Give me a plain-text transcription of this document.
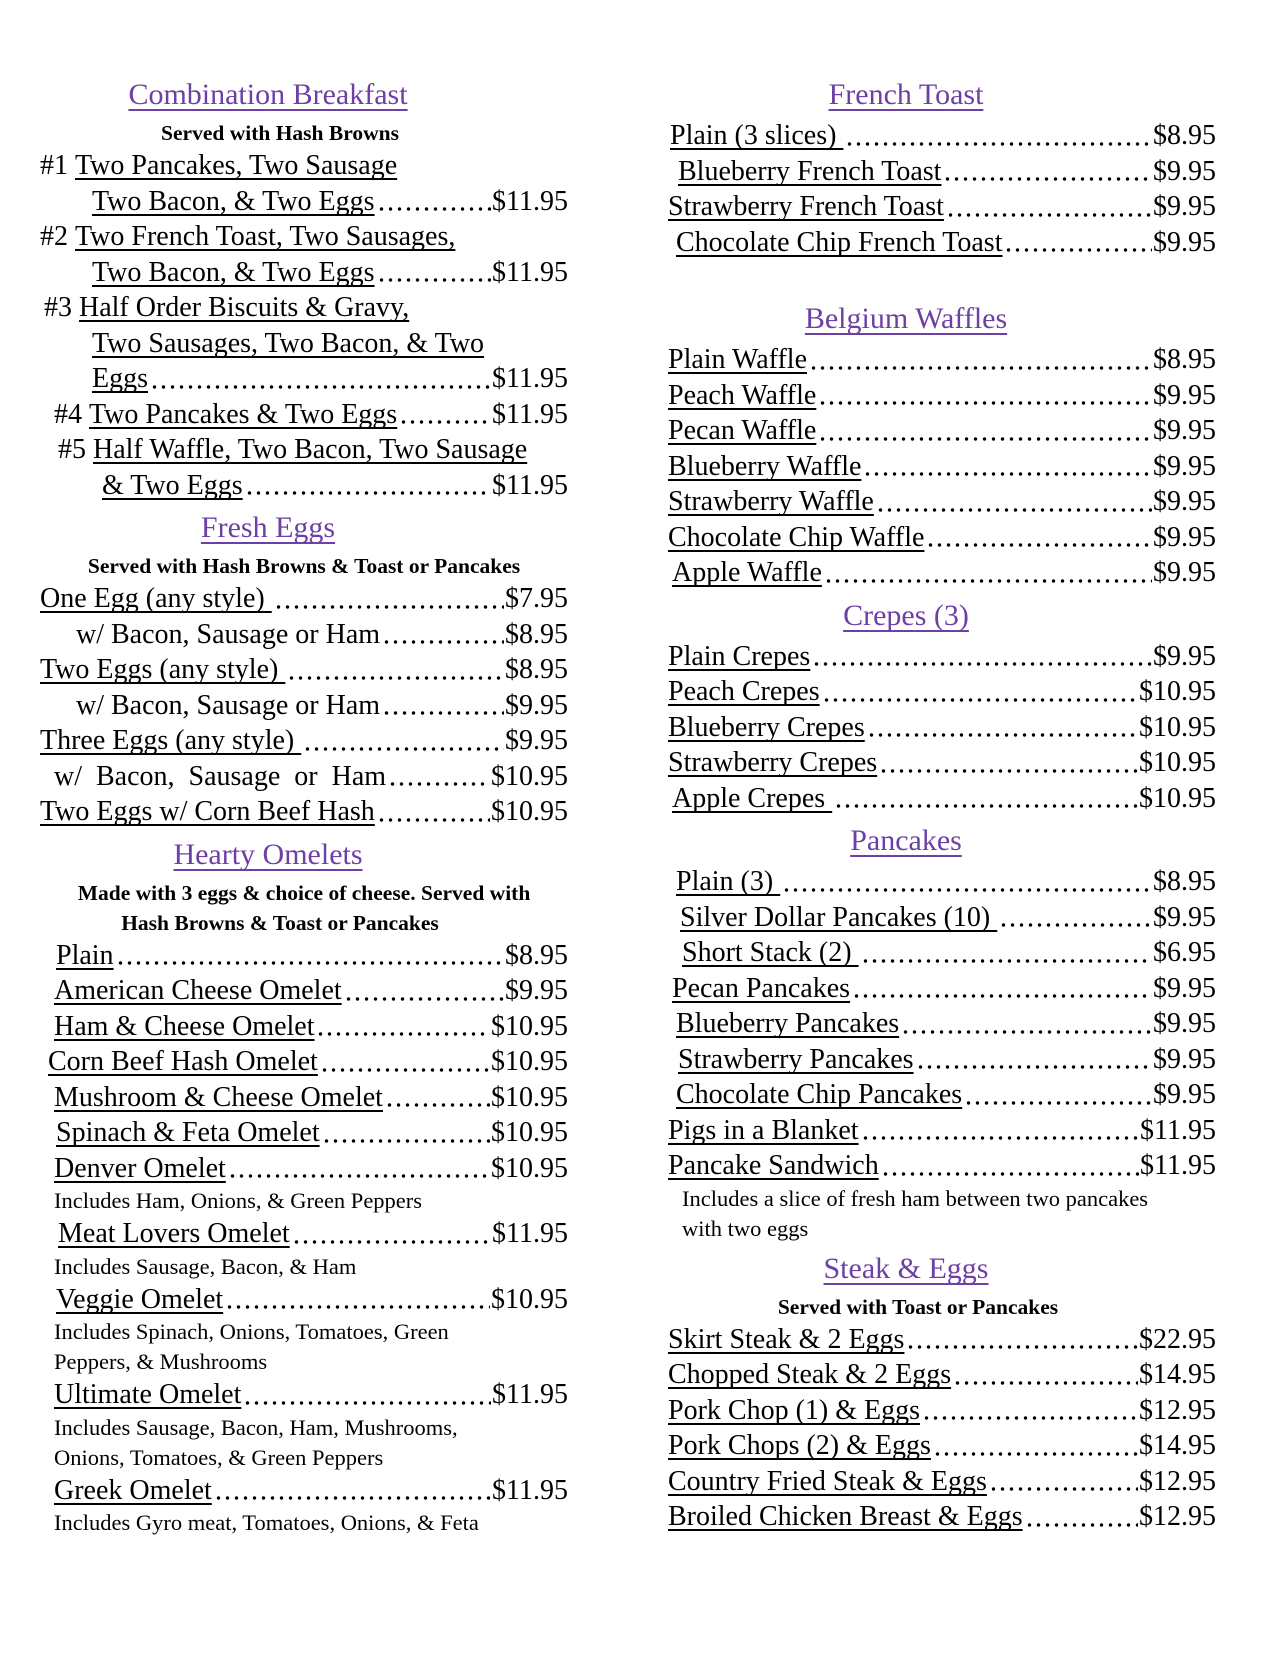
Combination Breakfast
Served with Hash Browns
#1 Two Pancakes, Two Sausage
Two Bacon, & Two Eggs	$11.95
#2 Two French Toast, Two Sausages,
Two Bacon, & Two Eggs	$11.95
#3 Half Order Biscuits & Gravy,
Two Sausages, Two Bacon, & Two
Eggs	$11.95
#4 Two Pancakes & Two Eggs	$11.95
#5 Half Waffle, Two Bacon, Two Sausage
& Two Eggs	$11.95
Fresh Eggs
Served with Hash Browns & Toast or Pancakes
One Egg (any style)	$7.95
w/ Bacon, Sausage or Ham	$8.95
Two Eggs (any style)	$8.95
w/ Bacon, Sausage or Ham	$9.95
Three Eggs (any style)	$9.95
w/ Bacon, Sausage or Ham	$10.95
Two Eggs w/ Corn Beef Hash	$10.95
Hearty Omelets
Made with 3 eggs & choice of cheese. Served with
Hash Browns & Toast or Pancakes
Plain	$8.95
American Cheese Omelet	$9.95
Ham & Cheese Omelet	$10.95
Corn Beef Hash Omelet	$10.95
Mushroom & Cheese Omelet	$10.95
Spinach & Feta Omelet	$10.95
Denver Omelet	$10.95
Includes Ham, Onions, & Green Peppers
Meat Lovers Omelet	$11.95
Includes Sausage, Bacon, & Ham
Veggie Omelet	$10.95
Includes Spinach, Onions, Tomatoes, Green
Peppers, & Mushrooms
Ultimate Omelet	$11.95
Includes Sausage, Bacon, Ham, Mushrooms,
Onions, Tomatoes, & Green Peppers
Greek Omelet	$11.95
Includes Gyro meat, Tomatoes, Onions, & Feta
French Toast
Plain (3 slices)	$8.95
Blueberry French Toast	$9.95
Strawberry French Toast	$9.95
Chocolate Chip French Toast	$9.95
Belgium Waffles
Plain Waffle	$8.95
Peach Waffle	$9.95
Pecan Waffle	$9.95
Blueberry Waffle	$9.95
Strawberry Waffle	$9.95
Chocolate Chip Waffle	$9.95
Apple Waffle	$9.95
Crepes (3)
Plain Crepes	$9.95
Peach Crepes	$10.95
Blueberry Crepes	$10.95
Strawberry Crepes	$10.95
Apple Crepes	$10.95
Pancakes
Plain (3)	$8.95
Silver Dollar Pancakes (10)	$9.95
Short Stack (2)	$6.95
Pecan Pancakes	$9.95
Blueberry Pancakes	$9.95
Strawberry Pancakes	$9.95
Chocolate Chip Pancakes	$9.95
Pigs in a Blanket	$11.95
Pancake Sandwich	$11.95
Includes a slice of fresh ham between two pancakes
with two eggs
Steak & Eggs
Served with Toast or Pancakes
Skirt Steak & 2 Eggs	$22.95
Chopped Steak & 2 Eggs	$14.95
Pork Chop (1) & Eggs	$12.95
Pork Chops (2) & Eggs	$14.95
Country Fried Steak & Eggs	$12.95
Broiled Chicken Breast & Eggs	$12.95
